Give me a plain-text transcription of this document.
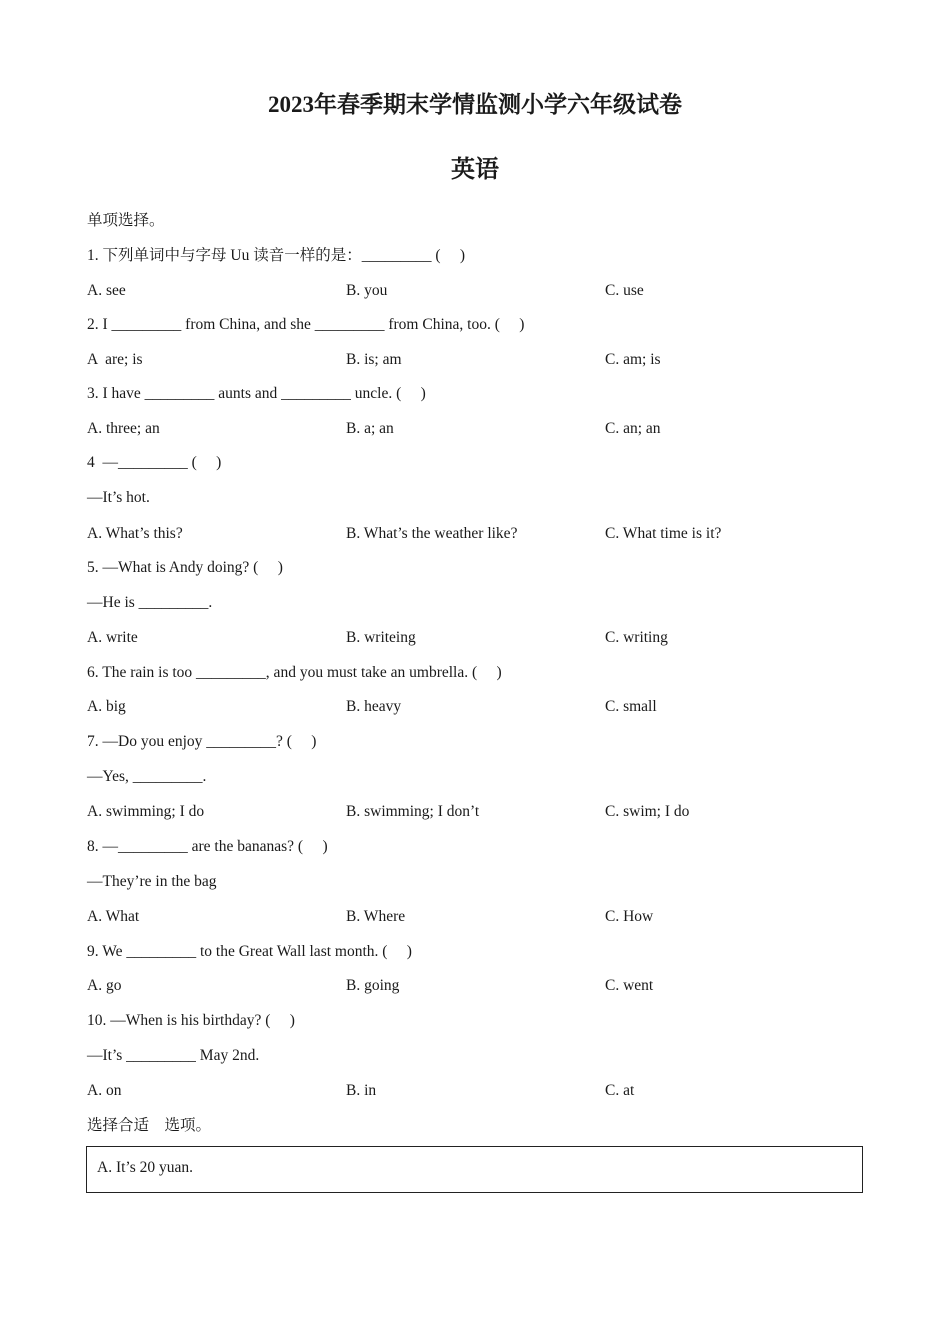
2023年春季期末学情监测小学六年级试卷
英语
单项选择。
1. 下列单词中与字母 Uu 读音一样的是：_________ (     )
A. see	B. you	C. use
2. I _________ from China, and she _________ from China, too. (     )
A  are; is	B. is; am	C. am; is
3. I have _________ aunts and _________ uncle. (     )
A. three; an	B. a; an	C. an; an
4  —_________ (     )
—It’s hot.
A. What’s this?	B. What’s the weather like?	C. What time is it?
5. —What is Andy doing? (     )
—He is _________.
A. write	B. writeing	C. writing
6. The rain is too _________, and you must take an umbrella. (     )
A. big	B. heavy	C. small
7. —Do you enjoy _________? (     )
—Yes, _________.
A. swimming; I do	B. swimming; I don’t	C. swim; I do
8. —_________ are the bananas? (     )
—They’re in the bag
A. What	B. Where	C. How
9. We _________ to the Great Wall last month. (     )
A. go	B. going	C. went
10. —When is his birthday? (     )
—It’s _________ May 2nd.
A. on	B. in	C. at
选择合适    选项。
A. It’s 20 yuan.
